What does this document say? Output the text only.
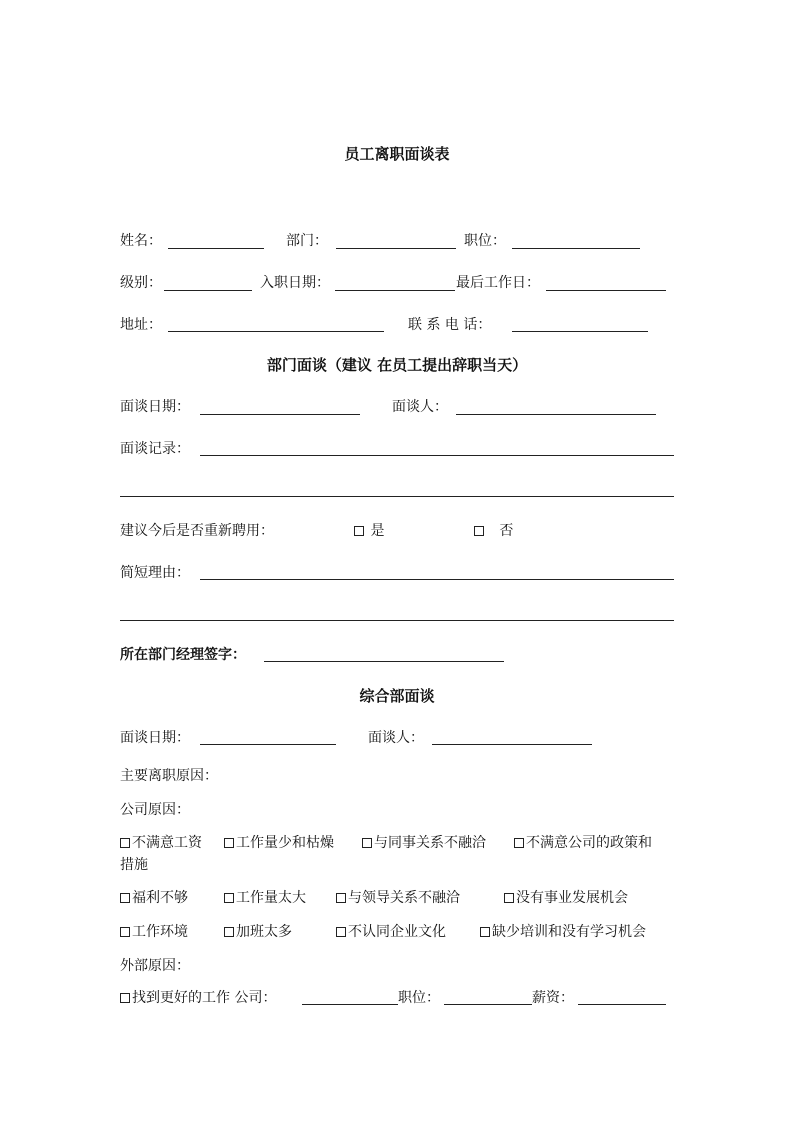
员工离职面谈表
姓名：	部门：	职位：
级别：	入职日期：	最后工作日：
地址：	联 系 电 话：
部门面谈（建议 在员工提出辞职当天）
面谈日期：	面谈人：
面谈记录：
建议今后是否重新聘用：	是	否
简短理由：
所在部门经理签字：
综合部面谈
面谈日期：	面谈人：
主要离职原因：
公司原因：
不满意工资	工作量少和枯燥	与同事关系不融洽	不满意公司的政策和
措施
福利不够	工作量太大	与领导关系不融洽	没有事业发展机会
工作环境	加班太多	不认同企业文化	缺少培训和没有学习机会
外部原因：
找到更好的工作 公司：	职位：	薪资：
